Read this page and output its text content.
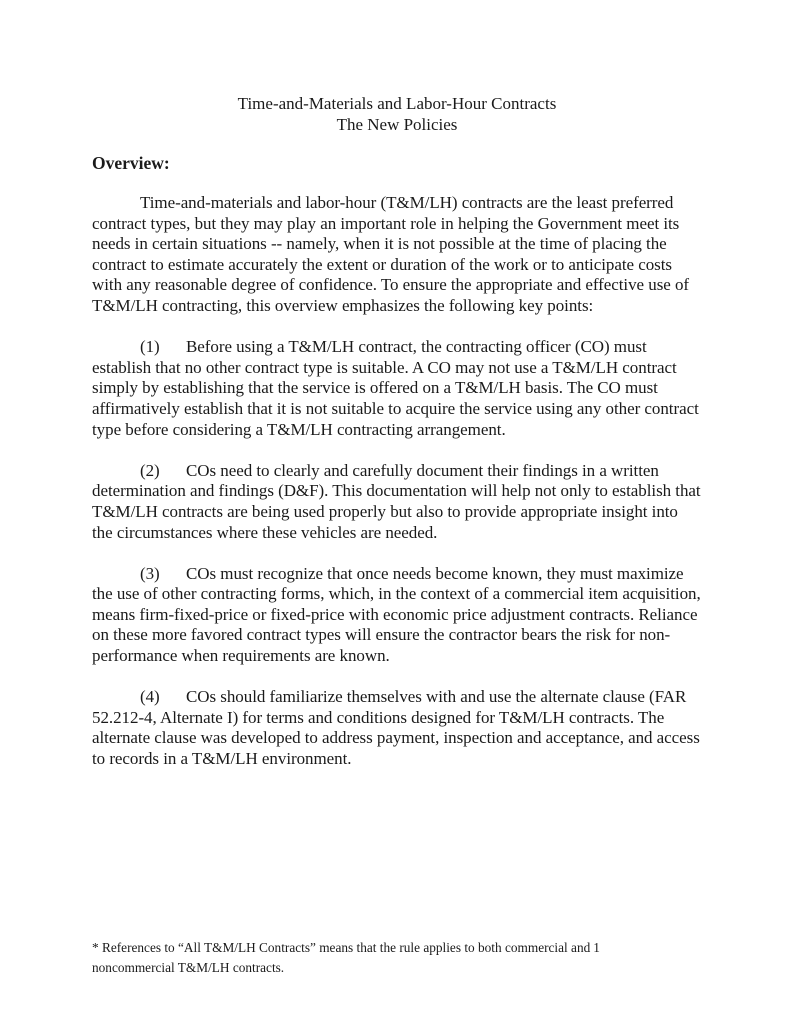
Time-and-Materials and Labor-Hour Contracts
The New Policies
Overview:

Time-and-materials and labor-hour (T&M/LH) contracts are the least preferred contract types, but they may play an important role in helping the Government meet its needs in certain situations -- namely, when it is not possible at the time of placing the contract to estimate accurately the extent or duration of the work or to anticipate costs with any reasonable degree of confidence. To ensure the appropriate and effective use of T&M/LH contracting, this overview emphasizes the following key points:

(1) Before using a T&M/LH contract, the contracting officer (CO) must establish that no other contract type is suitable. A CO may not use a T&M/LH contract simply by establishing that the service is offered on a T&M/LH basis. The CO must affirmatively establish that it is not suitable to acquire the service using any other contract type before considering a T&M/LH contracting arrangement.

(2) COs need to clearly and carefully document their findings in a written determination and findings (D&F). This documentation will help not only to establish that T&M/LH contracts are being used properly but also to provide appropriate insight into the circumstances where these vehicles are needed.

(3) COs must recognize that once needs become known, they must maximize the use of other contracting forms, which, in the context of a commercial item acquisition, means firm-fixed-price or fixed-price with economic price adjustment contracts. Reliance on these more favored contract types will ensure the contractor bears the risk for non-performance when requirements are known.

(4) COs should familiarize themselves with and use the alternate clause (FAR 52.212-4, Alternate I) for terms and conditions designed for T&M/LH contracts. The alternate clause was developed to address payment, inspection and acceptance, and access to records in a T&M/LH environment.

* References to “All T&M/LH Contracts” means that the rule applies to both commercial and 1
noncommercial T&M/LH contracts.
